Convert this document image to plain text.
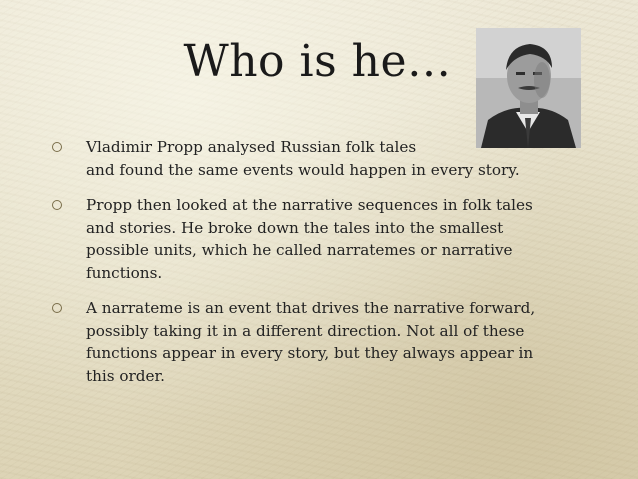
Who is he…
Vladimir Propp analysed Russian folk tales
and found the same events would happen in every story.
Propp then looked at the narrative sequences in folk tales
and stories. He broke down the tales into the smallest
possible units, which he called narratemes or narrative
functions.
A narrateme is an event that drives the narrative forward,
possibly taking it in a different direction. Not all of these
functions appear in every story, but they always appear in
this order.
